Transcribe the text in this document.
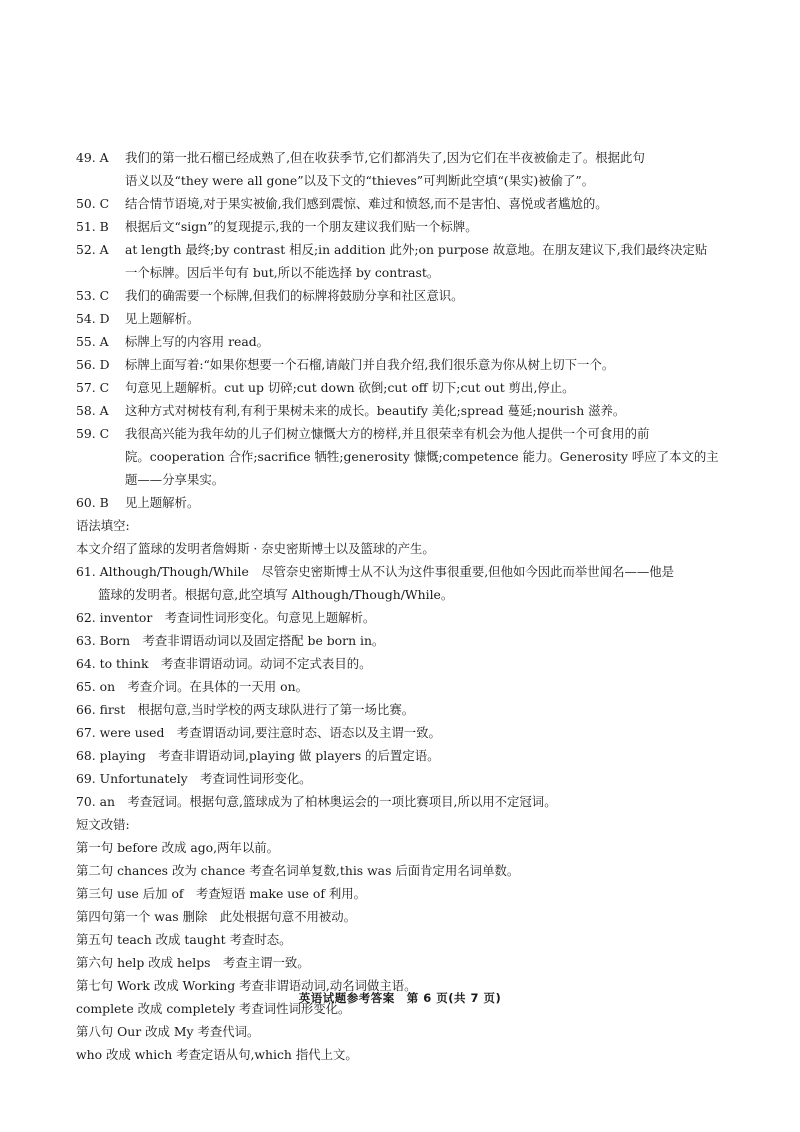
49. A 我们的第一批石榴已经成熟了,但在收获季节,它们都消失了,因为它们在半夜被偷走了。根据此句
语义以及“they were all gone”以及下文的“thieves”可判断此空填“(果实)被偷了”。
50. C 结合情节语境,对于果实被偷,我们感到震惊、难过和愤怒,而不是害怕、喜悦或者尴尬的。
51. B 根据后文“sign”的复现提示,我的一个朋友建议我们贴一个标牌。
52. A at length 最终;by contrast 相反;in addition 此外;on purpose 故意地。在朋友建议下,我们最终决定贴
一个标牌。因后半句有 but,所以不能选择 by contrast。
53. C 我们的确需要一个标牌,但我们的标牌将鼓励分享和社区意识。
54. D 见上题解析。
55. A 标牌上写的内容用 read。
56. D 标牌上面写着:“如果你想要一个石榴,请敲门并自我介绍,我们很乐意为你从树上切下一个。
57. C 句意见上题解析。cut up 切碎;cut down 砍倒;cut off 切下;cut out 剪出,停止。
58. A 这种方式对树枝有利,有利于果树未来的成长。beautify 美化;spread 蔓延;nourish 滋养。
59. C 我很高兴能为我年幼的儿子们树立慷慨大方的榜样,并且很荣幸有机会为他人提供一个可食用的前
院。cooperation 合作;sacrifice 牺牲;generosity 慷慨;competence 能力。Generosity 呼应了本文的主
题——分享果实。
60. B 见上题解析。
语法填空:
本文介绍了篮球的发明者詹姆斯 · 奈史密斯博士以及篮球的产生。
61. Although/Though/While　尽管奈史密斯博士从不认为这件事很重要,但他如今因此而举世闻名——他是
篮球的发明者。根据句意,此空填写 Although/Though/While。
62. inventor　考查词性词形变化。句意见上题解析。
63. Born　考查非谓语动词以及固定搭配 be born in。
64. to think　考查非谓语动词。动词不定式表目的。
65. on　考查介词。在具体的一天用 on。
66. first　根据句意,当时学校的两支球队进行了第一场比赛。
67. were used　考查谓语动词,要注意时态、语态以及主谓一致。
68. playing　考查非谓语动词,playing 做 players 的后置定语。
69. Unfortunately　考查词性词形变化。
70. an　考查冠词。根据句意,篮球成为了柏林奥运会的一项比赛项目,所以用不定冠词。
短文改错:
第一句 before 改成 ago,两年以前。
第二句 chances 改为 chance 考查名词单复数,this was 后面肯定用名词单数。
第三句 use 后加 of　考查短语 make use of 利用。
第四句第一个 was 删除　此处根据句意不用被动。
第五句 teach 改成 taught 考查时态。
第六句 help 改成 helps　考查主谓一致。
第七句 Work 改成 Working 考查非谓语动词,动名词做主语。
complete 改成 completely 考查词性词形变化。
第八句 Our 改成 My 考查代词。
who 改成 which 考查定语从句,which 指代上文。
英语试题参考答案　第 6 页(共 7 页)
